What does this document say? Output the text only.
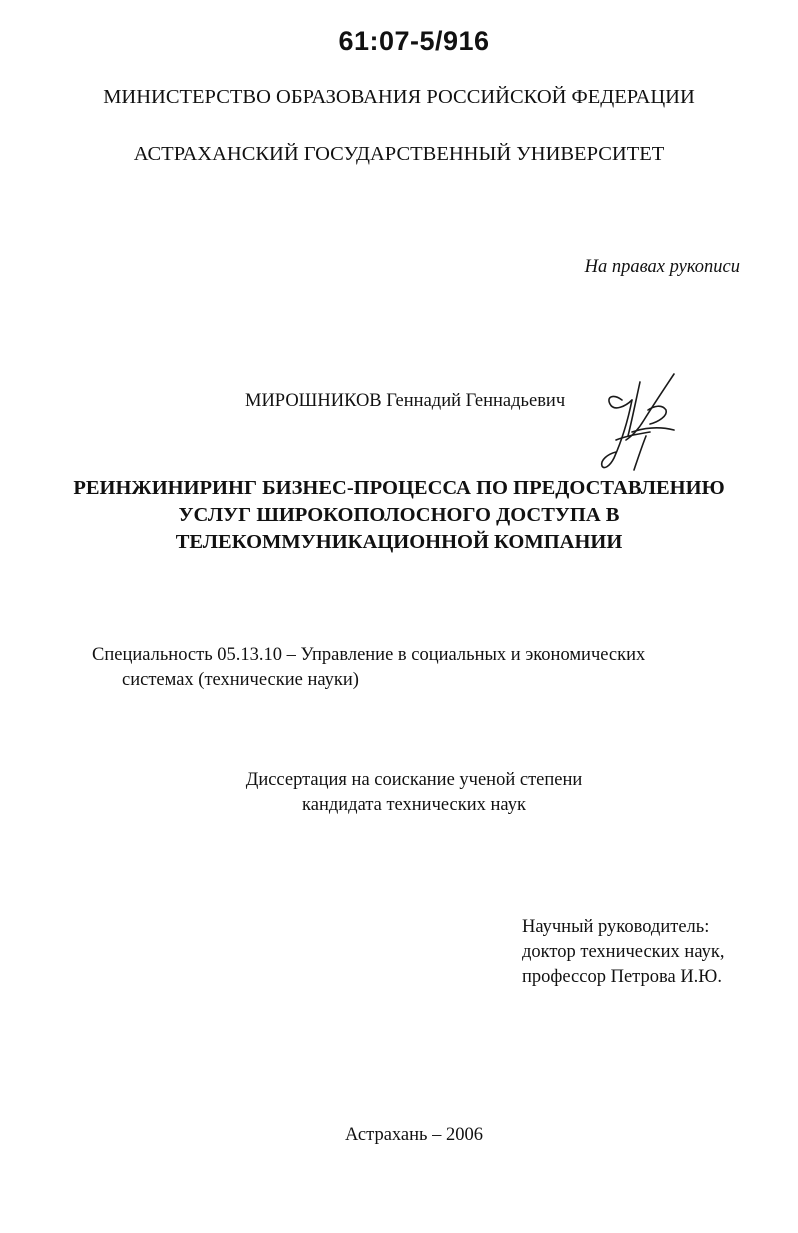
61:07-5/916
МИНИСТЕРСТВО ОБРАЗОВАНИЯ РОССИЙСКОЙ ФЕДЕРАЦИИ
АСТРАХАНСКИЙ ГОСУДАРСТВЕННЫЙ УНИВЕРСИТЕТ
На правах рукописи
МИРОШНИКОВ Геннадий Геннадьевич
РЕИНЖИНИРИНГ БИЗНЕС-ПРОЦЕССА ПО ПРЕДОСТАВЛЕНИЮ
УСЛУГ ШИРОКОПОЛОСНОГО ДОСТУПА В
ТЕЛЕКОММУНИКАЦИОННОЙ КОМПАНИИ
Специальность 05.13.10 – Управление в социальных и экономических
системах (технические науки)
Диссертация на соискание ученой степени
кандидата технических наук
Научный руководитель:
доктор технических наук,
профессор Петрова И.Ю.
Астрахань – 2006
